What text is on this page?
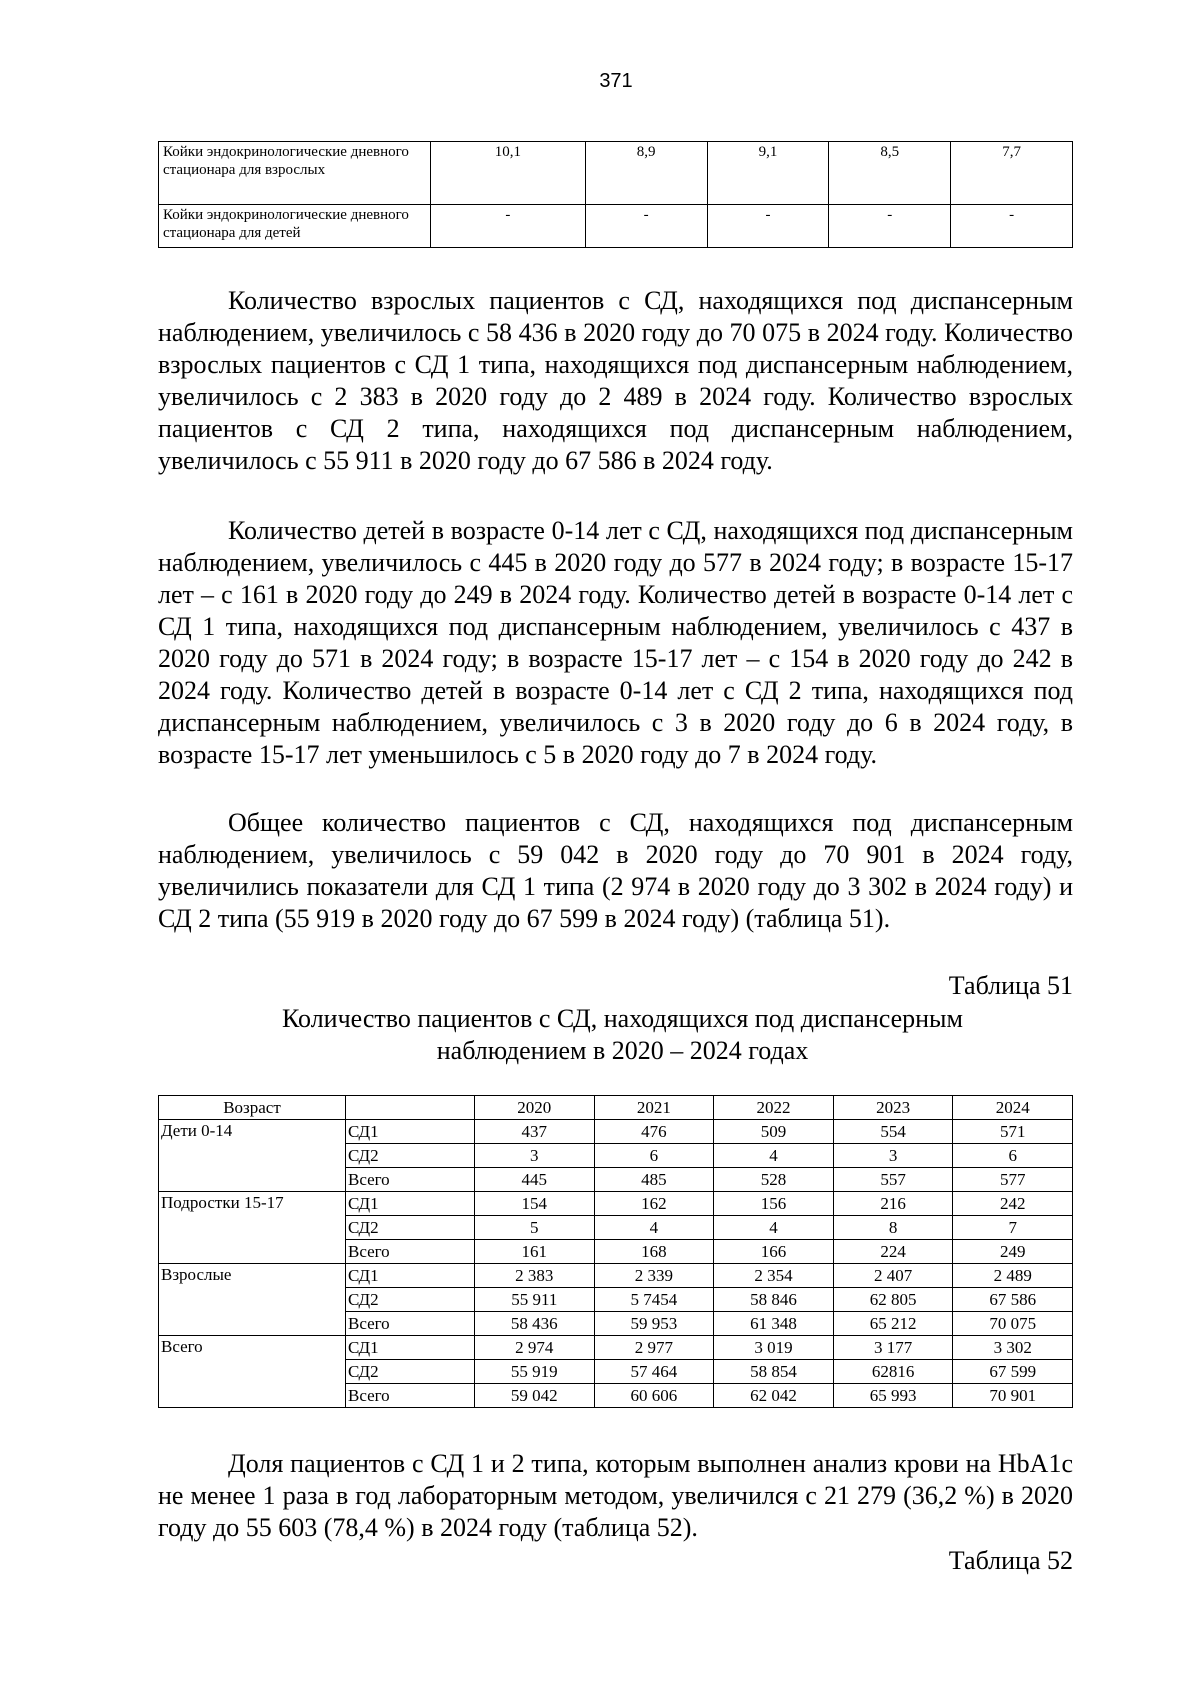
371
Койки эндокринологические дневного стационара для взрослых	10,1	8,9	9,1	8,5	7,7
Койки эндокринологические дневного стационара для детей	-	-	-	-	-

Количество взрослых пациентов с СД, находящихся под диспансерным наблюдением, увеличилось с 58 436 в 2020 году до 70 075 в 2024 году. Количество взрослых пациентов с СД 1 типа, находящихся под диспансерным наблюдением, увеличилось с 2 383 в 2020 году до 2 489 в 2024 году. Количество взрослых пациентов с СД 2 типа, находящихся под диспансерным наблюдением, увеличилось с 55 911 в 2020 году до 67 586 в 2024 году.

Количество детей в возрасте 0-14 лет с СД, находящихся под диспансерным наблюдением, увеличилось с 445 в 2020 году до 577 в 2024 году; в возрасте 15-17 лет – с 161 в 2020 году до 249 в 2024 году. Количество детей в возрасте 0-14 лет с СД 1 типа, находящихся под диспансерным наблюдением, увеличилось с 437 в 2020 году до 571 в 2024 году; в возрасте 15-17 лет – с 154 в 2020 году до 242 в 2024 году. Количество детей в возрасте 0-14 лет с СД 2 типа, находящихся под диспансерным наблюдением, увеличилось с 3 в 2020 году до 6 в 2024 году, в возрасте 15-17 лет уменьшилось с 5 в 2020 году до 7 в 2024 году.

Общее количество пациентов с СД, находящихся под диспансерным наблюдением, увеличилось с 59 042 в 2020 году до 70 901 в 2024 году, увеличились показатели для СД 1 типа (2 974 в 2020 году до 3 302 в 2024 году) и СД 2 типа (55 919 в 2020 году до 67 599 в 2024 году) (таблица 51).

Таблица 51
Количество пациентов с СД, находящихся под диспансерным наблюдением в 2020 – 2024 годах
Возраст		2020	2021	2022	2023	2024
Дети 0-14	СД1	437	476	509	554	571
	СД2	3	6	4	3	6
	Всего	445	485	528	557	577
Подростки 15-17	СД1	154	162	156	216	242
	СД2	5	4	4	8	7
	Всего	161	168	166	224	249
Взрослые	СД1	2 383	2 339	2 354	2 407	2 489
	СД2	55 911	5 7454	58 846	62 805	67 586
	Всего	58 436	59 953	61 348	65 212	70 075
Всего	СД1	2 974	2 977	3 019	3 177	3 302
	СД2	55 919	57 464	58 854	62816	67 599
	Всего	59 042	60 606	62 042	65 993	70 901

Доля пациентов с СД 1 и 2 типа, которым выполнен анализ крови на HbA1c не менее 1 раза в год лабораторным методом, увеличился с 21 279 (36,2 %) в 2020 году до 55 603 (78,4 %) в 2024 году (таблица 52).

Таблица 52
